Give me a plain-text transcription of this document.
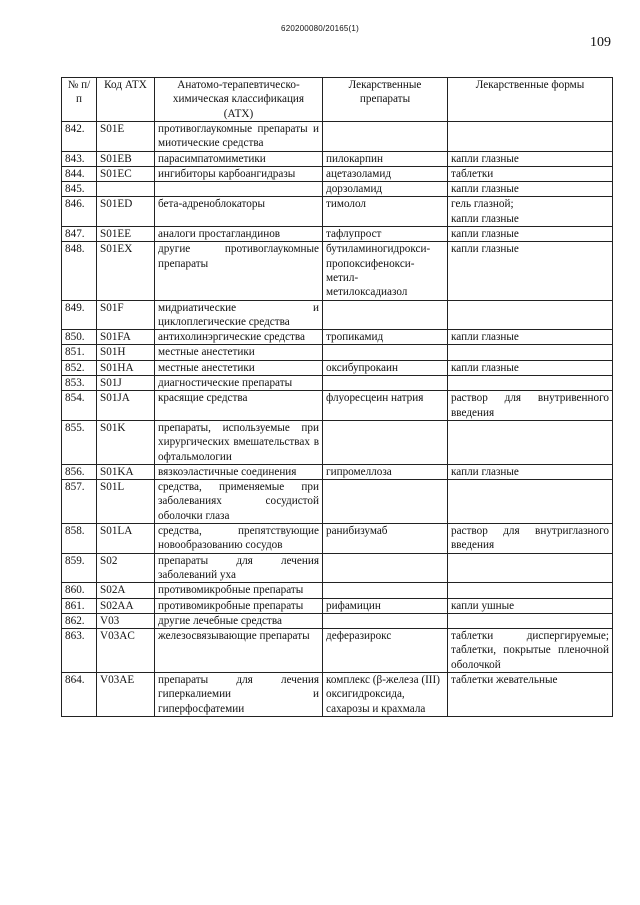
620200080/20165(1)
109
№ п/п	Код АТХ	Анатомо-терапевтическо-химическая классификация (АТХ)	Лекарственные препараты	Лекарственные формы
842.	S01E	противоглаукомные препараты и миотические средства		
843.	S01EB	парасимпатомиметики	пилокарпин	капли глазные
844.	S01EC	ингибиторы карбоангидразы	ацетазоламид	таблетки
845.			дорзоламид	капли глазные
846.	S01ED	бета-адреноблокаторы	тимолол	гель глазной;
капли глазные
847.	S01EE	аналоги простагландинов	тафлупрост	капли глазные
848.	S01EX	другие противоглаукомные препараты	бутиламиногидрокси-
пропоксифенокси-
метил-
метилоксадиазол	капли глазные
849.	S01F	мидриатические и циклоплегические средства		
850.	S01FA	антихолинэргические средства	тропикамид	капли глазные
851.	S01H	местные анестетики		
852.	S01HA	местные анестетики	оксибупрокаин	капли глазные
853.	S01J	диагностические препараты		
854.	S01JA	красящие средства	флуоресцеин натрия	раствор для внутривенного введения
855.	S01K	препараты, используемые при хирургических вмешательствах в офтальмологии		
856.	S01KA	вязкоэластичные соединения	гипромеллоза	капли глазные
857.	S01L	средства, применяемые при заболеваниях сосудистой оболочки глаза		
858.	S01LA	средства, препятствующие новообразованию сосудов	ранибизумаб	раствор для внутриглазного введения
859.	S02	препараты для лечения заболеваний уха		
860.	S02A	противомикробные препараты		
861.	S02AA	противомикробные препараты	рифамицин	капли ушные
862.	V03	другие лечебные средства		
863.	V03AC	железосвязывающие препараты	деферазирокс	таблетки диспергируемые; таблетки, покрытые пленочной оболочкой
864.	V03AE	препараты для лечения гиперкалиемии и гиперфосфатемии	комплекс (β-железа (III) оксигидроксида, сахарозы и крахмала	таблетки жевательные
